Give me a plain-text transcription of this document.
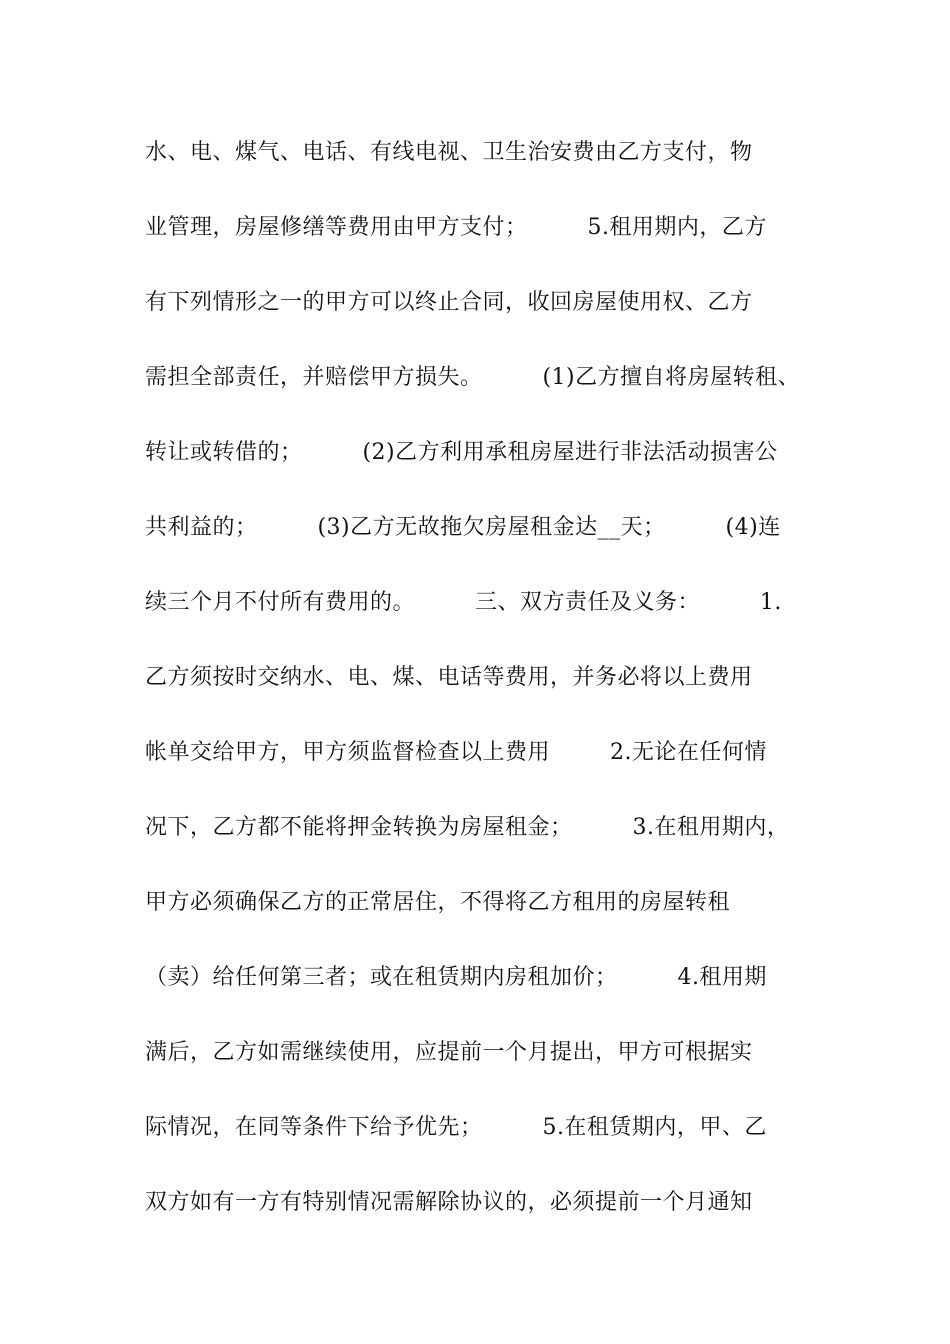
水、电、煤气、电话、有线电视、卫生治安费由乙方支付，物
业管理，房屋修缮等费用由甲方支付；        5.租用期内，乙方
有下列情形之一的甲方可以终止合同，收回房屋使用权、乙方
需担全部责任，并赔偿甲方损失。        (1)乙方擅自将房屋转租、
转让或转借的；        (2)乙方利用承租房屋进行非法活动损害公
共利益的；        (3)乙方无故拖欠房屋租金达__天；        (4)连
续三个月不付所有费用的。        三、双方责任及义务：        1.
乙方须按时交纳水、电、煤、电话等费用，并务必将以上费用
帐单交给甲方，甲方须监督检查以上费用        2.无论在任何情
况下，乙方都不能将押金转换为房屋租金；        3.在租用期内，
甲方必须确保乙方的正常居住，不得将乙方租用的房屋转租
（卖）给任何第三者；或在租赁期内房租加价；        4.租用期
满后，乙方如需继续使用，应提前一个月提出，甲方可根据实
际情况，在同等条件下给予优先；        5.在租赁期内，甲、乙
双方如有一方有特别情况需解除协议的，必须提前一个月通知
